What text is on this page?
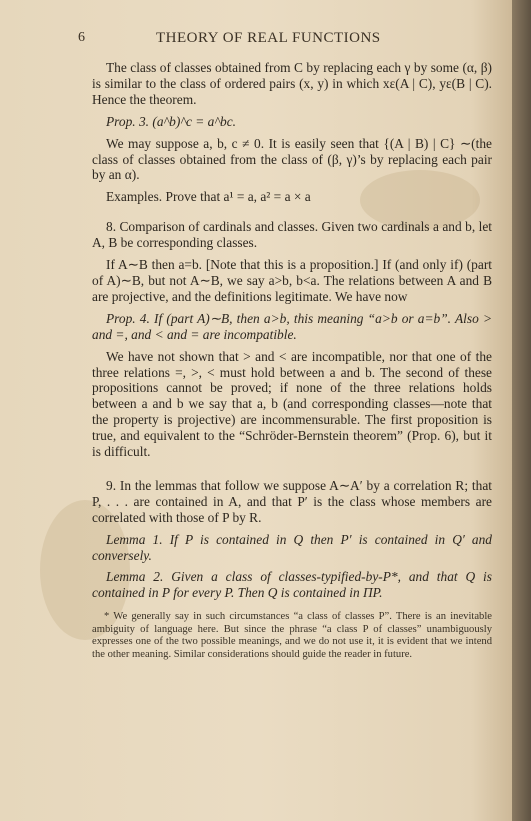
6	THEORY OF REAL FUNCTIONS

The class of classes obtained from C by replacing each γ by some (α, β) is similar to the class of ordered pairs (x, y) in which xε(A | C), yε(B | C). Hence the theorem.

Prop. 3. (a^b)^c = a^bc.

We may suppose a, b, c ≠ 0. It is easily seen that {(A | B) | C} ∼(the class of classes obtained from the class of (β, γ)’s by replacing each pair by an α).

Examples. Prove that a¹ = a, a² = a × a

8. Comparison of cardinals and classes. Given two cardinals a and b, let A, B be corresponding classes.

If A∼B then a=b. [Note that this is a proposition.] If (and only if) (part of A)∼B, but not A∼B, we say a>b, b<a. The relations between A and B are projective, and the definitions legitimate. We have now

Prop. 4. If (part A)∼B, then a>b, this meaning “a>b or a=b”. Also > and =, and < and = are incompatible.

We have not shown that > and < are incompatible, nor that one of the three relations =, >, < must hold between a and b. The second of these propositions cannot be proved; if none of the three relations holds between a and b we say that a, b (and corresponding classes—note that the property is projective) are incommensurable. The first proposition is true, and equivalent to the “Schröder-Bernstein theorem” (Prop. 6), but it is difficult.

9. In the lemmas that follow we suppose A∼A′ by a correlation R; that P, . . . are contained in A, and that P′ is the class whose members are correlated with those of P by R.

Lemma 1. If P is contained in Q then P′ is contained in Q′ and conversely.

Lemma 2. Given a class of classes-typified-by-P*, and that Q is contained in P for every P. Then Q is contained in ΠP.

* We generally say in such circumstances “a class of classes P”. There is an inevitable ambiguity of language here. But since the phrase “a class P of classes” unambiguously expresses one of the two possible meanings, and we do not use it, it is evident that we intend the other meaning. Similar considerations should guide the reader in future.
